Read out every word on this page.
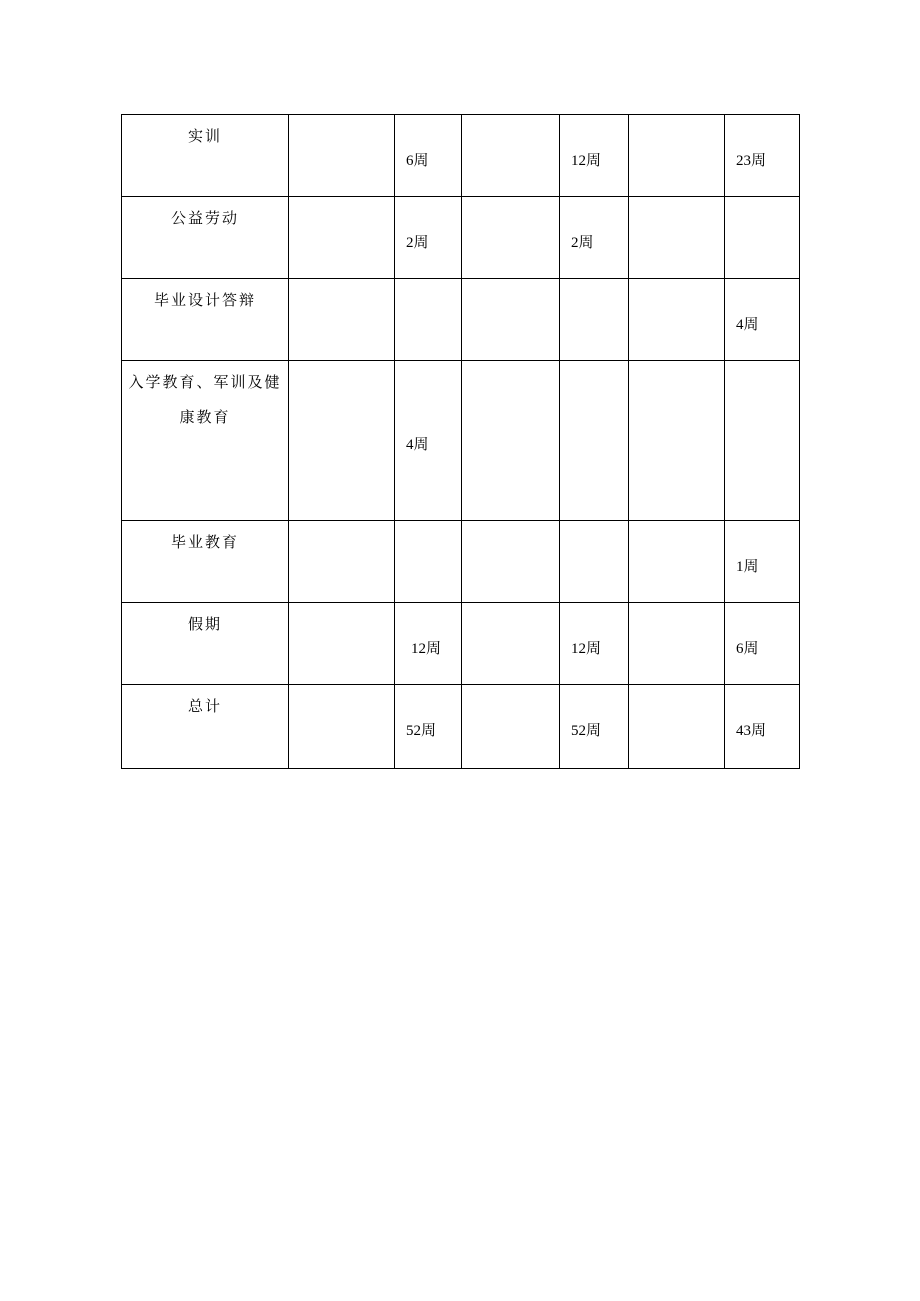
实训		6周		12周		23周

公益劳动		2周		2周		

毕业设计答辩						4周

入学教育、军训及健康教育		4周				

毕业教育						1周

假期		12周		12周		6周

总计		52周		52周		43周
